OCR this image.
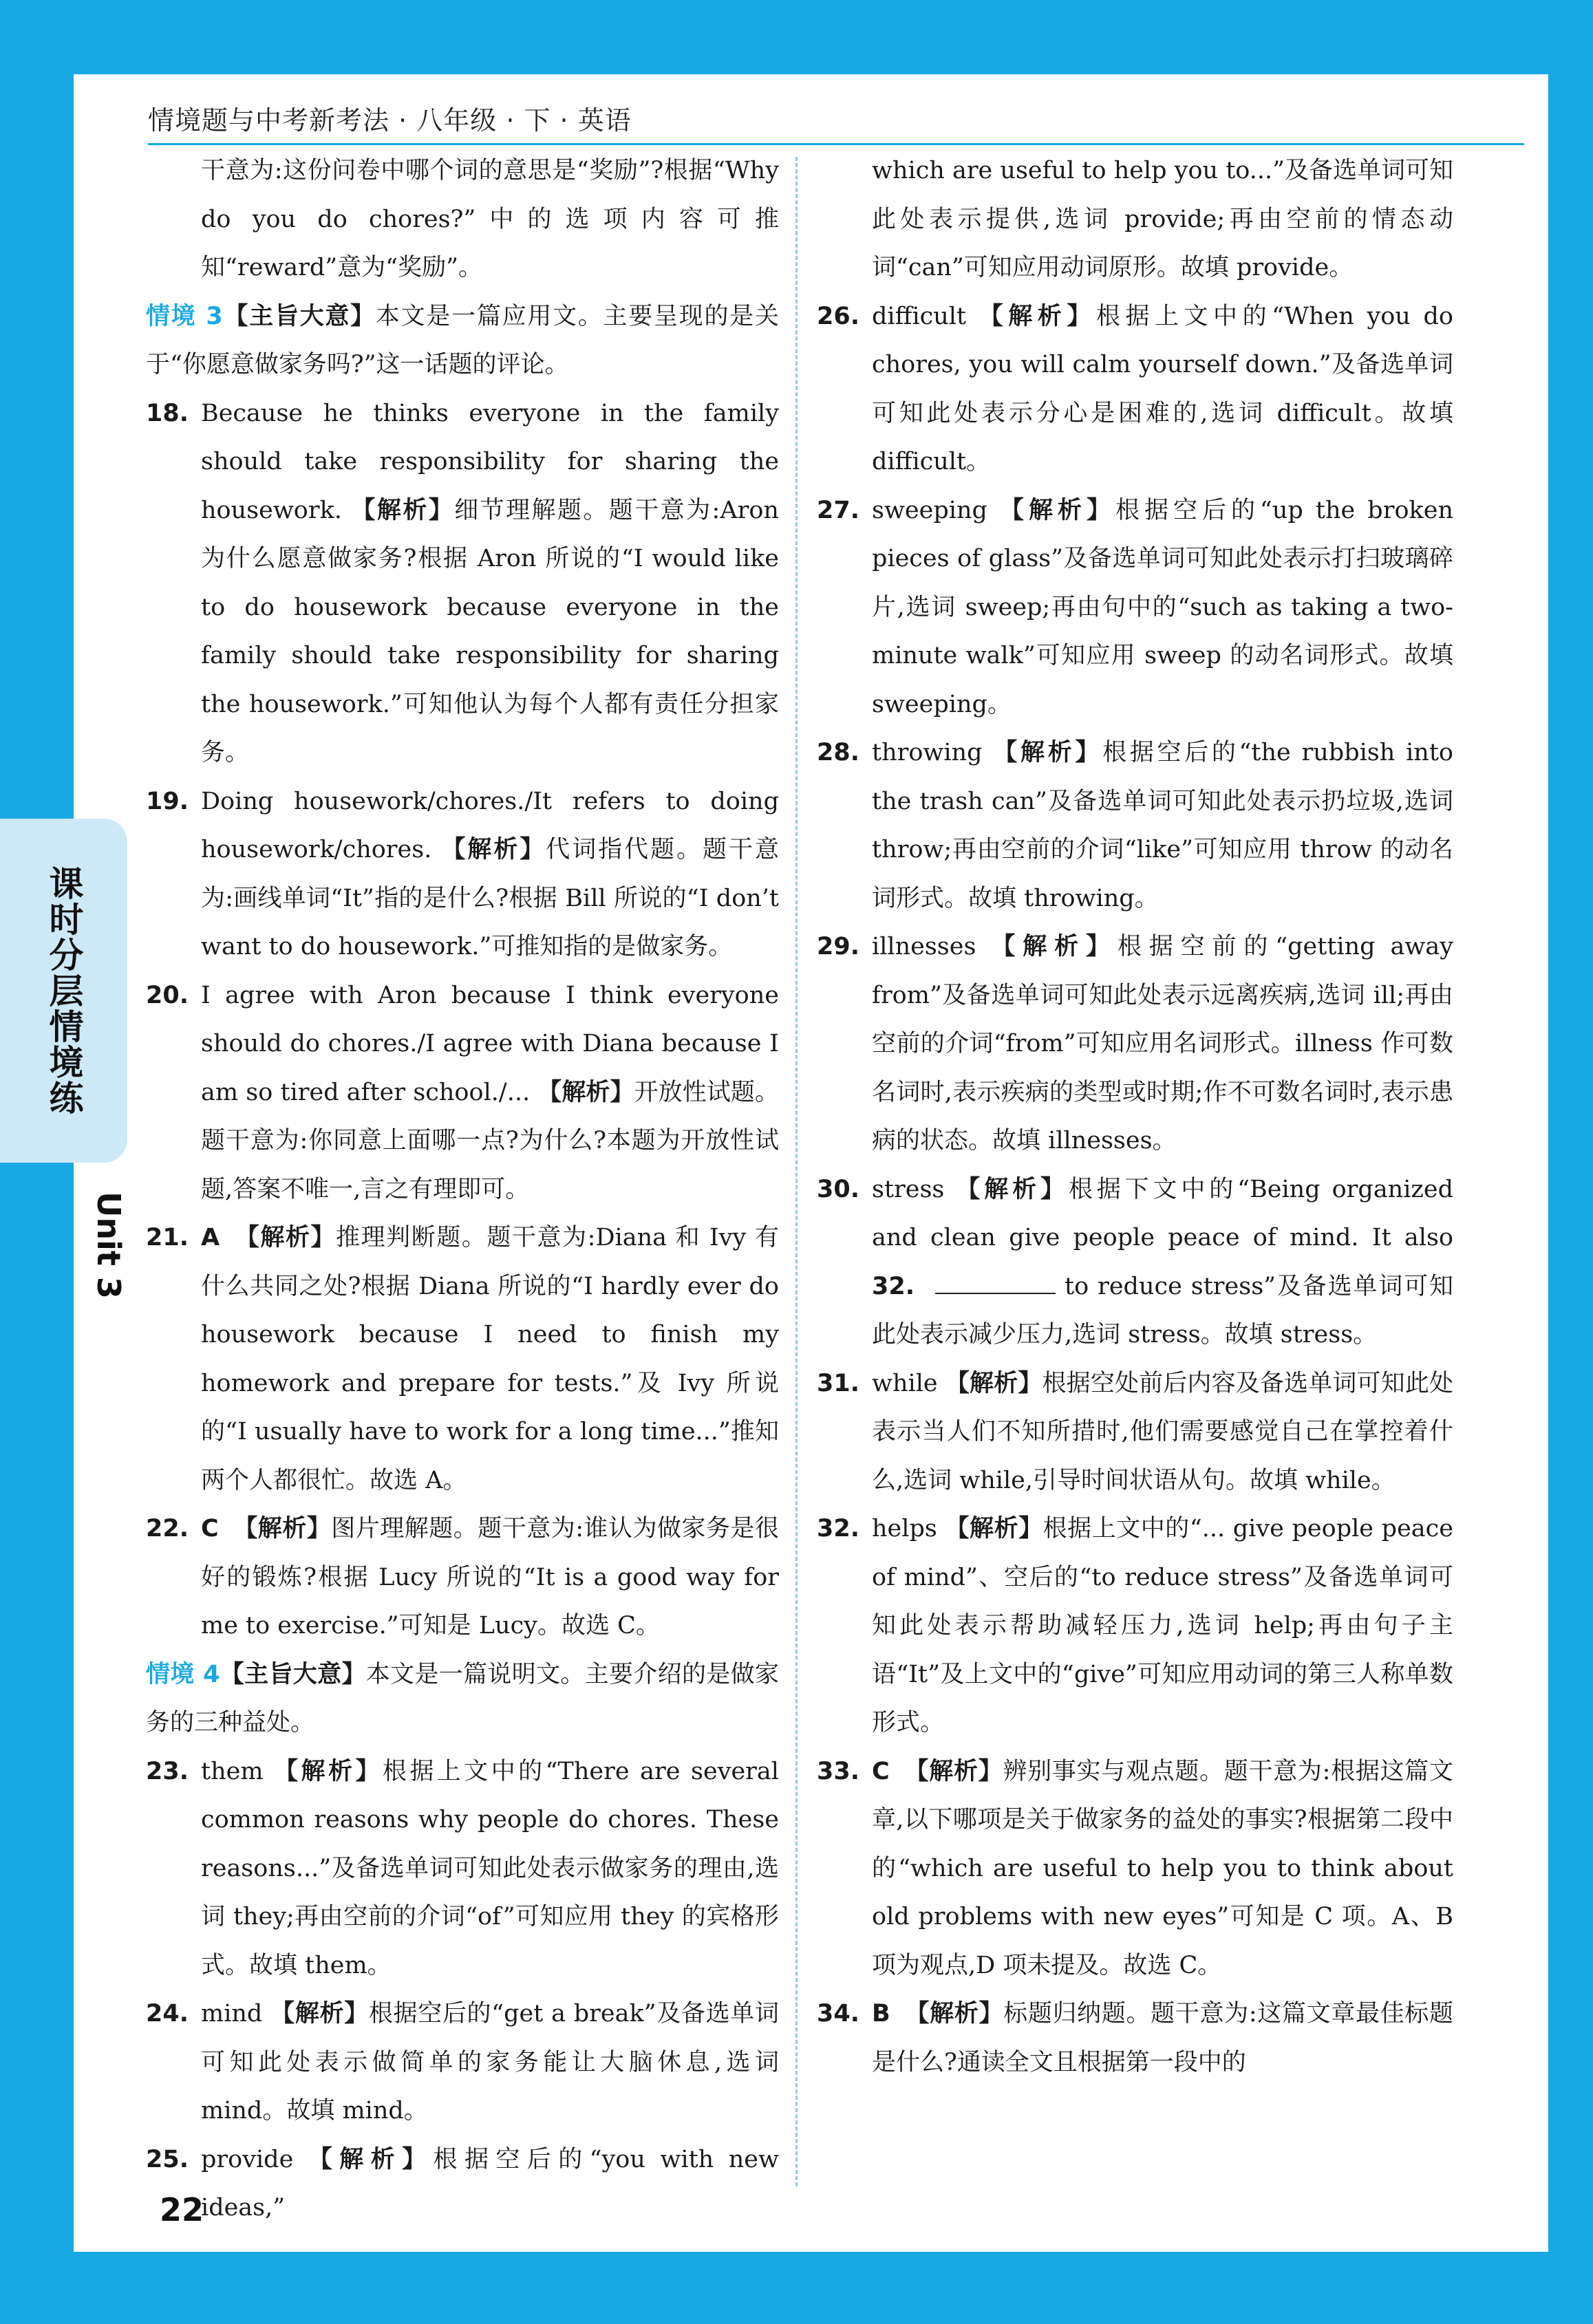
情境题与中考新考法 · 八年级 · 下 · 英语
干意为:这份问卷中哪个词的意思是“奖励”?根据“Why do you do chores?”中的选项内容可推知“reward”意为“奖励”。
情境 3【主旨大意】本文是一篇应用文。主要呈现的是关于“你愿意做家务吗?”这一话题的评论。
18. Because he thinks everyone in the family should take responsibility for sharing the housework. 【解析】细节理解题。题干意为:Aron 为什么愿意做家务?根据 Aron 所说的“I would like to do housework because everyone in the family should take responsibility for sharing the housework.”可知他认为每个人都有责任分担家务。
19. Doing housework/chores./It refers to doing housework/chores. 【解析】代词指代题。题干意为:画线单词“It”指的是什么?根据 Bill 所说的“I don’t want to do housework.”可推知指的是做家务。
20. I agree with Aron because I think everyone should do chores./I agree with Diana because I am so tired after school./... 【解析】开放性试题。题干意为:你同意上面哪一点?为什么?本题为开放性试题,答案不唯一,言之有理即可。
21. A 【解析】推理判断题。题干意为:Diana 和 Ivy 有什么共同之处?根据 Diana 所说的“I hardly ever do housework because I need to finish my homework and prepare for tests.”及 Ivy 所说的“I usually have to work for a long time...”推知两个人都很忙。故选 A。
22. C 【解析】图片理解题。题干意为:谁认为做家务是很好的锻炼?根据 Lucy 所说的“It is a good way for me to exercise.”可知是 Lucy。故选 C。
情境 4【主旨大意】本文是一篇说明文。主要介绍的是做家务的三种益处。
23. them 【解析】根据上文中的“There are several common reasons why people do chores. These reasons...”及备选单词可知此处表示做家务的理由,选词 they;再由空前的介词“of”可知应用 they 的宾格形式。故填 them。
24. mind 【解析】根据空后的“get a break”及备选单词可知此处表示做简单的家务能让大脑休息,选词 mind。故填 mind。
25. provide 【解析】根据空后的“you with new ideas,”
which are useful to help you to...”及备选单词可知此处表示提供,选词 provide;再由空前的情态动词“can”可知应用动词原形。故填 provide。
26. difficult 【解析】根据上文中的“When you do chores, you will calm yourself down.”及备选单词可知此处表示分心是困难的,选词 difficult。故填 difficult。
27. sweeping 【解析】根据空后的“up the broken pieces of glass”及备选单词可知此处表示打扫玻璃碎片,选词 sweep;再由句中的“such as taking a two-minute walk”可知应用 sweep 的动名词形式。故填 sweeping。
28. throwing 【解析】根据空后的“the rubbish into the trash can”及备选单词可知此处表示扔垃圾,选词 throw;再由空前的介词“like”可知应用 throw 的动名词形式。故填 throwing。
29. illnesses 【解析】根据空前的“getting away from”及备选单词可知此处表示远离疾病,选词 ill;再由空前的介词“from”可知应用名词形式。illness 作可数名词时,表示疾病的类型或时期;作不可数名词时,表示患病的状态。故填 illnesses。
30. stress 【解析】根据下文中的“Being organized and clean give people peace of mind. It also 32.	to reduce stress”及备选单词可知此处表示减少压力,选词 stress。故填 stress。
31. while 【解析】根据空处前后内容及备选单词可知此处表示当人们不知所措时,他们需要感觉自己在掌控着什么,选词 while,引导时间状语从句。故填 while。
32. helps 【解析】根据上文中的“... give people peace of mind”、空后的“to reduce stress”及备选单词可知此处表示帮助减轻压力,选词 help;再由句子主语“It”及上文中的“give”可知应用动词的第三人称单数形式。
33. C 【解析】辨别事实与观点题。题干意为:根据这篇文章,以下哪项是关于做家务的益处的事实?根据第二段中的“which are useful to help you to think about old problems with new eyes”可知是 C 项。A、B 项为观点,D 项未提及。故选 C。
34. B 【解析】标题归纳题。题干意为:这篇文章最佳标题是什么?通读全文且根据第一段中的
22
课时分层情境练
Unit 3
